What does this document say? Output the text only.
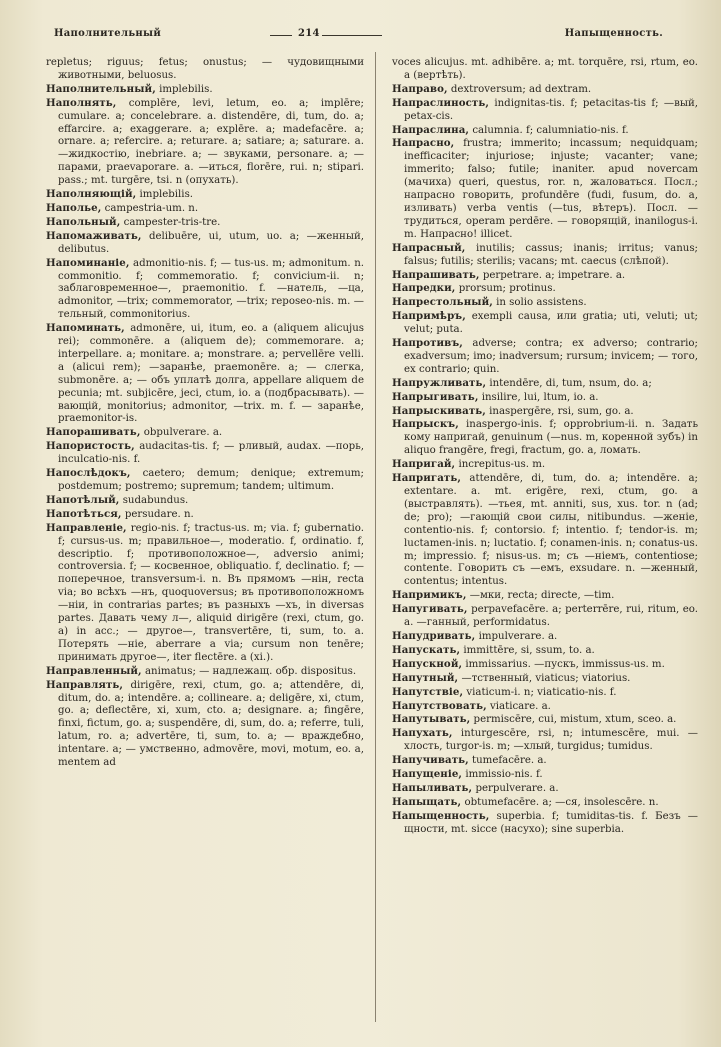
Наполнительный	214	Напыщенность.

repletus; riguus; fetus; onustus; — чудовищными животными, beluosus.

Наполнительный, implebilis.

Наполнять, complēre, levi, letum, eo. a; implēre; cumulare. a; concelebrare. a. distendēre, di, tum, do. a; effarcire. a; exaggerare. a; explēre. a; madefacēre. a; ornare. a; refercire. a; returare. a; satiare; a; saturare. a. —жидкостію, inebriare. a; — звуками, personare. a; — парами, praevaporare. a. —иться, florēre, rui. n; stipari. pass.; mt. turgēre, tsi. n (опухать).

Наполняющій, implebilis.

Наполье, campestria-um. n.

Напольный, campester-tris-tre.

Напомаживать, delibuēre, ui, utum, uo. a; —женный, delibutus.

Напоминаніе, admonitio-nis. f; — tus-us. m; admonitum. n. commonitio. f; commemoratio. f; convicium-ii. n; заблаговременное—, praemonitio. f. —натель, —ца, admonitor, —trix; commemorator, —trix; reposeo-nis. m. —тельный, commonitorius.

Напоминать, admonēre, ui, itum, eo. a (aliquem alicujus rei); commonēre. a (aliquem de); commemorare. a; interpellare. a; monitare. a; monstrare. a; pervellēre velli. a (alicui rem); —заранѣе, praemonēre. a; — слегка, submonēre. a; — объ уплатѣ долга, appellare aliquem de pecunia; mt. subjicēre, jeci, ctum, io. a (подбрасывать). — вающій, monitorius; admonitor, —trix. m. f. — заранѣе, praemonitor-is.

Напорашивать, obpulverare. a.

Напористость, audacitas-tis. f; — рливый, audax. —порь, inculcatio-nis. f.

Напослѣдокъ, caetero; demum; denique; extremum; postdemum; postremo; supremum; tandem; ultimum.

Напотѣлый, sudabundus.

Напотѣться, persudare. n.

Направленіе, regio-nis. f; tractus-us. m; via. f; gubernatio. f; cursus-us. m; правильное—, moderatio. f, ordinatio. f, descriptio. f; противоположное—, adversio animi; controversia. f; — косвенное, obliquatio. f, declinatio. f; —поперечное, transversum-i. n. Въ прямомъ —нін, recta via; во всѣхъ —нъ, quoquoversus; въ противоположномъ —ніи, in contrarias partes; въ разныхъ —хъ, in diversas partes. Давать чему л—, aliquid dirigēre (rexi, ctum, go. a) in acc.; — другое—, transvertēre, ti, sum, to. a. Потерять —ніе, aberrare a via; cursum non tenēre; принимать другое—, iter flectēre. a (xi.).

Направленный, animatus; — надлежащ. обр. dispositus.

Направлять, dirigēre, rexi, ctum, go. a; attendēre, di, ditum, do. a; intendēre. a; collineare. a; deligēre, xi, ctum, go. a; deflectēre, xi, xum, cto. a; designare. a; fingēre, finxi, fictum, go. a; suspendēre, di, sum, do. a; referre, tuli, latum, ro. a; advertēre, ti, sum, to. a; — враждебно, intentare. a; — умственно, admovēre, movi, motum, eo. a, mentem ad

voces alicujus. mt. adhibēre. a; mt. torquēre, rsi, rtum, eo. a (вертѣть).

Направо, dextroversum; ad dextram.

Напраслиность, indignitas-tis. f; petacitas-tis f; —вый, petax-cis.

Напраслина, calumnia. f; calumniatio-nis. f.

Напрасно, frustra; immerito; incassum; nequidquam; inefficaciter; injuriose; injuste; vacanter; vane; immerito; falso; futile; inaniter. apud novercam (мачиха) queri, questus, ror. n, жаловаться. Посл.; напрасно говорить, profundēre (fudi, fusum, do. a, изливать) verba ventis (—tus, вѣтеръ). Посл. — трудиться, operam perdēre. — говорящій, inanilogus-i. m. Напрасно! illicet.

Напрасный, inutilis; cassus; inanis; irritus; vanus; falsus; futilis; sterilis; vacans; mt. caecus (слѣпой).

Напрашивать, perpetrare. a; impetrare. a.

Напредки, prorsum; protinus.

Напрестольный, in solio assistens.

Напримѣръ, exempli causa, или gratia; uti, veluti; ut; velut; puta.

Напротивъ, adverse; contra; ex adverso; contrario; exadversum; imo; inadversum; rursum; invicem; — того, ex contrario; quin.

Напружливать, intendēre, di, tum, nsum, do. a;

Напрыгивать, insilire, lui, ltum, io. a.

Напрыскивать, inaspergēre, rsi, sum, go. a.

Напрыскъ, inaspergo-inis. f; opprobrium-ii. n. Задать кому напригай, genuinum (—nus. m, коренной зубъ) in aliquo frangēre, fregi, fractum, go. a, ломать.

Напригай, increpitus-us. m.

Напригать, attendēre, di, tum, do. a; intendēre. a; extentare. a. mt. erigēre, rexi, ctum, go. a (выстравлять). —тьея, mt. anniti, sus, xus. tor. n (ad; de; pro); —гающій свои силы, nitibundus. —женіе, contentio-nis. f; contorsio. f; intentio. f; tendor-is. m; luctamen-inis. n; luctatio. f; conamen-inis. n; conatus-us. m; impressio. f; nisus-us. m; съ —ніемъ, contentiose; contente. Говорить съ —емъ, exsudare. n. —женный, contentus; intentus.

Напримикъ, —мки, recta; directe, —tim.

Напугивать, perpavefacēre. a; perterrēre, rui, ritum, eo. a. —ганный, performidatus.

Напудривать, impulverare. a.

Напускать, immittēre, si, ssum, to. a.

Напускной, immissarius. —пускъ, immissus-us. m.

Напутный, —тственный, viaticus; viatorius.

Напутствіе, viaticum-i. n; viaticatio-nis. f.

Напутствовать, viaticare. a.

Напутывать, permiscēre, cui, mistum, xtum, sceo. a.

Напухать, inturgescēre, rsi, n; intumescēre, mui. —хлость, turgor-is. m; —хлый, turgidus; tumidus.

Напучивать, tumefacēre. a.

Напущеніе, immissio-nis. f.

Напыливать, perpulverare. a.

Напыщать, obtumefacēre. a; —ся, insolescēre. n.

Напыщенность, superbia. f; tumiditas-tis. f. Безъ —щности, mt. sicce (насухо); sine superbia.
